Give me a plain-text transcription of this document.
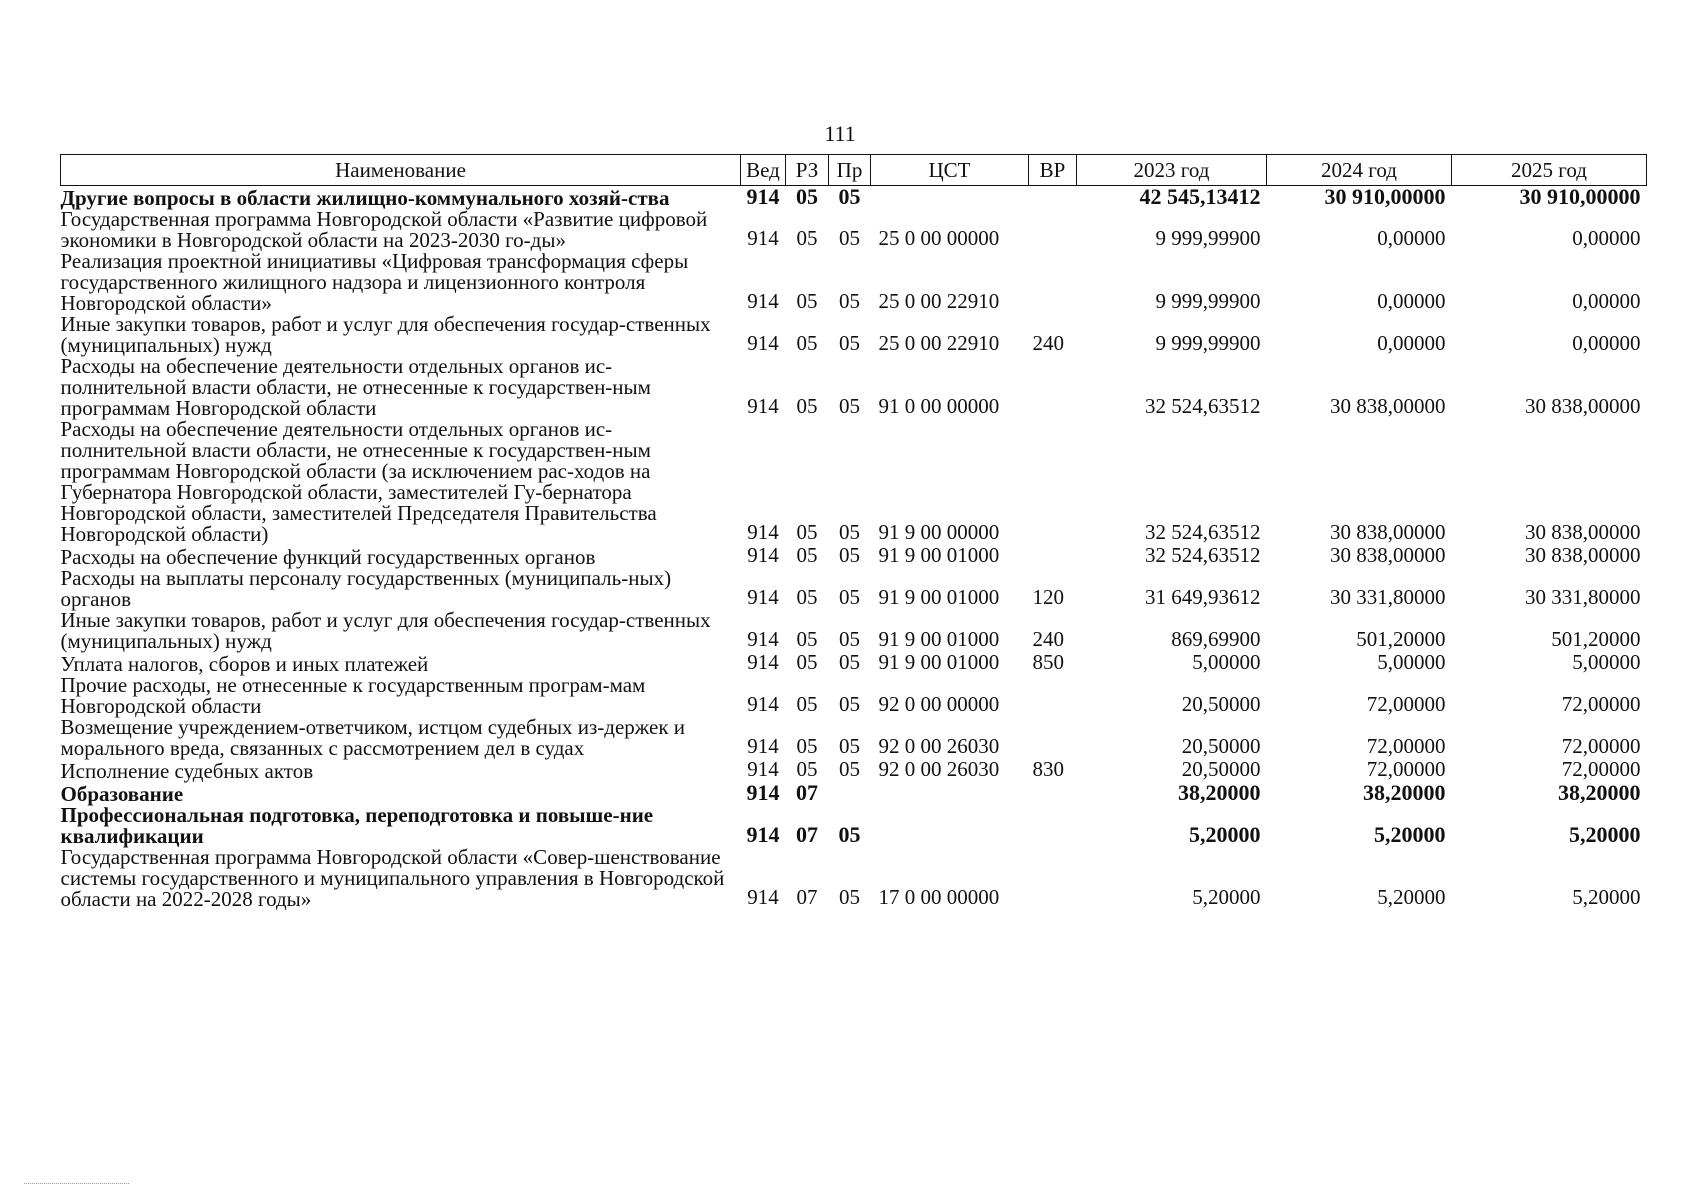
111
Наименование	Вед	РЗ	Пр	ЦСТ	ВР	2023 год	2024 год	2025 год
Другие вопросы в области жилищно-коммунального хозяй-ства	914	05	05			42 545,13412	30 910,00000	30 910,00000
Государственная программа Новгородской области «Развитие цифровой экономики в Новгородской области на 2023-2030 го-ды»	914	05	05	25 0 00 00000		9 999,99900	0,00000	0,00000
Реализация проектной инициативы «Цифровая трансформация сферы государственного жилищного надзора и лицензионного контроля Новгородской области»	914	05	05	25 0 00 22910		9 999,99900	0,00000	0,00000
Иные закупки товаров, работ и услуг для обеспечения государ-ственных (муниципальных) нужд	914	05	05	25 0 00 22910	240	9 999,99900	0,00000	0,00000
Расходы на обеспечение деятельности отдельных органов ис-полнительной власти области, не отнесенные к государствен-ным программам Новгородской области	914	05	05	91 0 00 00000		32 524,63512	30 838,00000	30 838,00000
Расходы на обеспечение деятельности отдельных органов ис-полнительной власти области, не отнесенные к государствен-ным программам Новгородской области (за исключением рас-ходов на Губернатора Новгородской области, заместителей Гу-бернатора Новгородской области, заместителей Председателя Правительства Новгородской области)	914	05	05	91 9 00 00000		32 524,63512	30 838,00000	30 838,00000
Расходы на обеспечение функций государственных органов	914	05	05	91 9 00 01000		32 524,63512	30 838,00000	30 838,00000
Расходы на выплаты персоналу государственных (муниципаль-ных) органов	914	05	05	91 9 00 01000	120	31 649,93612	30 331,80000	30 331,80000
Иные закупки товаров, работ и услуг для обеспечения государ-ственных (муниципальных) нужд	914	05	05	91 9 00 01000	240	869,69900	501,20000	501,20000
Уплата налогов, сборов и иных платежей	914	05	05	91 9 00 01000	850	5,00000	5,00000	5,00000
Прочие расходы, не отнесенные к государственным програм-мам Новгородской области	914	05	05	92 0 00 00000		20,50000	72,00000	72,00000
Возмещение учреждением-ответчиком, истцом судебных из-держек и морального вреда, связанных с рассмотрением дел в судах	914	05	05	92 0 00 26030		20,50000	72,00000	72,00000
Исполнение судебных актов	914	05	05	92 0 00 26030	830	20,50000	72,00000	72,00000
Образование	914	07				38,20000	38,20000	38,20000
Профессиональная подготовка, переподготовка и повыше-ние квалификации	914	07	05			5,20000	5,20000	5,20000
Государственная программа Новгородской области «Совер-шенствование системы государственного и муниципального управления в Новгородской области на 2022-2028 годы»	914	07	05	17 0 00 00000		5,20000	5,20000	5,20000
